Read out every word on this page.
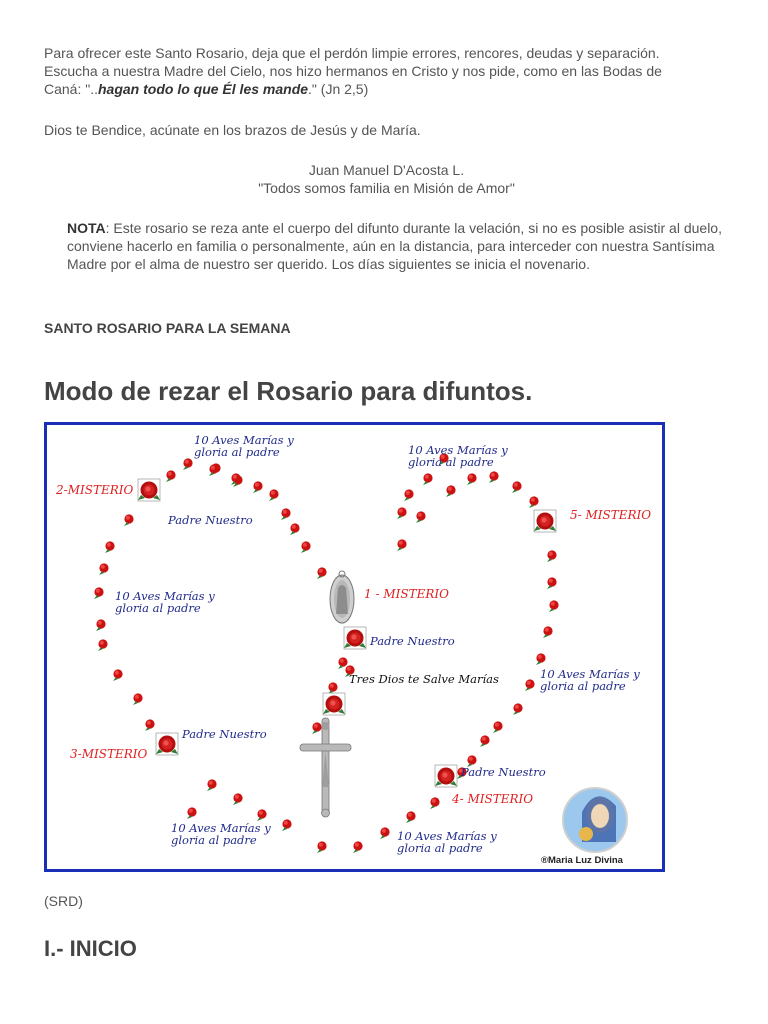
Para ofrecer este Santo Rosario, deja que el perdón limpie errores, rencores, deudas y separación.
Escucha a nuestra Madre del Cielo, nos hizo hermanos en Cristo y nos pide, como en las Bodas de
Caná: "..hagan todo lo que Él les mande." (Jn 2,5)

Dios te Bendice, acúnate en los brazos de Jesús y de María.

Juan Manuel D'Acosta L.
"Todos somos familia en Misión de Amor"
NOTA: Este rosario se reza ante el cuerpo del difunto durante la velación, si no es posible asistir al duelo, conviene hacerlo en familia o personalmente, aún en la distancia, para interceder con nuestra Santísima Madre por el alma de nuestro ser querido. Los días siguientes se inicia el novenario.
SANTO ROSARIO PARA LA SEMANA
Modo de rezar el Rosario para difuntos.
2-MISTERIO
5- MISTERIO
1 - MISTERIO
3-MISTERIO
4- MISTERIO
Padre Nuestro
Padre Nuestro
Padre Nuestro
Padre Nuestro
Tres Dios te Salve Marías
10 Aves Marías y
gloria al padre	10 Aves Marías y
gloria al padre
10 Aves Marías y
gloria al padre
10 Aves Marías y
gloria al padre
10 Aves Marías y
gloria al padre	10 Aves Marías y
gloria al padre
®Maria Luz Divina
(SRD)
I.- INICIO
